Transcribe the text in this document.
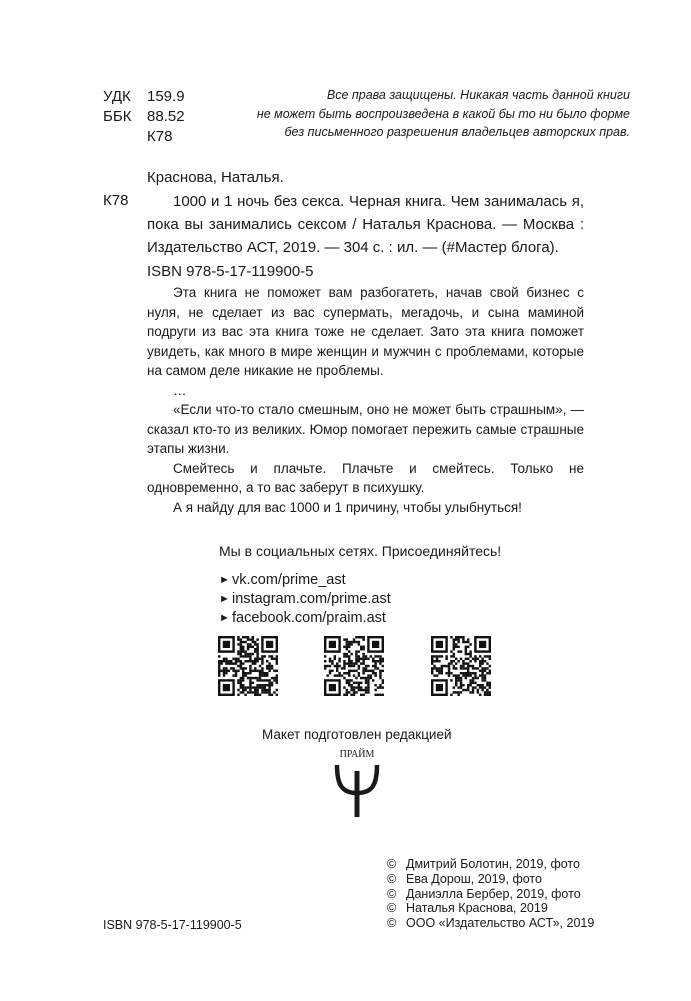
УДК	159.9
ББК	88.52
К78
Все права защищены. Никакая часть данной книги
не может быть воспроизведена в какой бы то ни было форме
без письменного разрешения владельцев авторских прав.
Краснова, Наталья.
К78	1000 и 1 ночь без секса. Черная книга. Чем занималась я, пока вы занимались сексом / Наталья Краснова. — Москва : Издательство АСТ, 2019. — 304 с. : ил. — (#Мастер блога).

ISBN 978-5-17-119900-5

Эта книга не поможет вам разбогатеть, начав свой бизнес с нуля, не сделает из вас супермать, мегадочь, и сына маминой подруги из вас эта книга тоже не сделает. Зато эта книга поможет увидеть, как много в мире женщин и мужчин с проблемами, которые на самом деле никакие не проблемы.

…

«Если что-то стало смешным, оно не может быть страшным», — сказал кто-то из великих. Юмор помогает пережить самые страшные этапы жизни.

Смейтесь и плачьте. Плачьте и смейтесь. Только не одновременно, а то вас заберут в психушку.

А я найду для вас 1000 и 1 причину, чтобы улыбнуться!

Мы в социальных сетях. Присоединяйтесь!
► vk.com/prime_ast
► instagram.com/prime.ast
► facebook.com/praim.ast
Макет подготовлен редакцией
ПРАЙМ
© Дмитрий Болотин, 2019, фото
© Ева Дорош, 2019, фото
© Даниэлла Бербер, 2019, фото
© Наталья Краснова, 2019
© ООО «Издательство АСТ», 2019
ISBN 978-5-17-119900-5
